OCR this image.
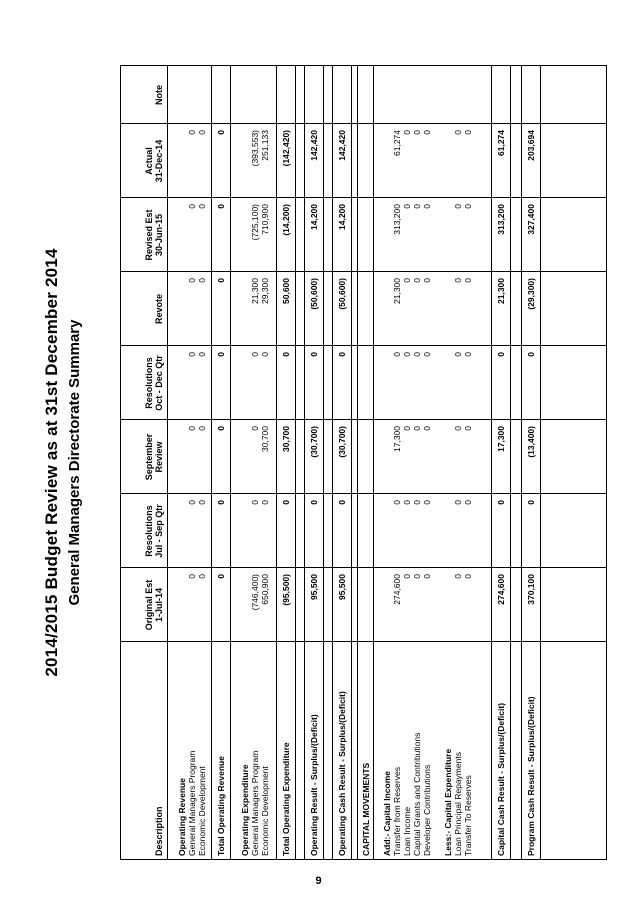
2014/2015 Budget Review as at 31st December 2014 General Managers Directorate Summary
Description
Original Est 1-Jul-14
Resolutions Jul - Sep Qtr
September Review
Resolutions Oct - Dec Qtr
Revote
Revised Est 30-Jun-15
Actual 31-Dec-14
Note
Operating Revenue General Managers Program
0
0
0
0
0
0
0
Economic Development
0
0
0
0
0
0
0
Total Operating Revenue
0
0
0
0
0
0
0
Operating Expenditure General Managers Program
(746,400)
0
0
0
21,300
(725,100)
(393,553)
Economic Development
650,900
0
30,700
0
29,300
710,900
251,133
Total Operating Expenditure
(95,500)
0
30,700
0
50,600
(14,200)
(142,420)
Operating Result - Surplus/(Deficit)
95,500
0
(30,700)
0
(50,600)
14,200
142,420
Operating Cash Result - Surplus/(Deficit)
95,500
0
(30,700)
0
(50,600)
14,200
142,420
CAPITAL MOVEMENTS Add:- Capital Income Transfer from Reserves
274,600
0
17,300
0
21,300
313,200
61,274
Loan Income
0
0
0
0
0
0
0
Capital Grants and Contributions
0
0
0
0
0
0
0
Developer Contributions
0
0
0
0
0
0
0
Less:- Capital Expenditure Loan Principal Repayments
0
0
0
0
0
0
0
Transfer To Reserves
0
0
0
0
0
0
0
Capital Cash Result - Surplus/(Deficit)
274,600
0
17,300
0
21,300
313,200
61,274
Program Cash Result - Surplus/(Deficit)
370,100
0
(13,400)
0
(29,300)
327,400
203,694
9
